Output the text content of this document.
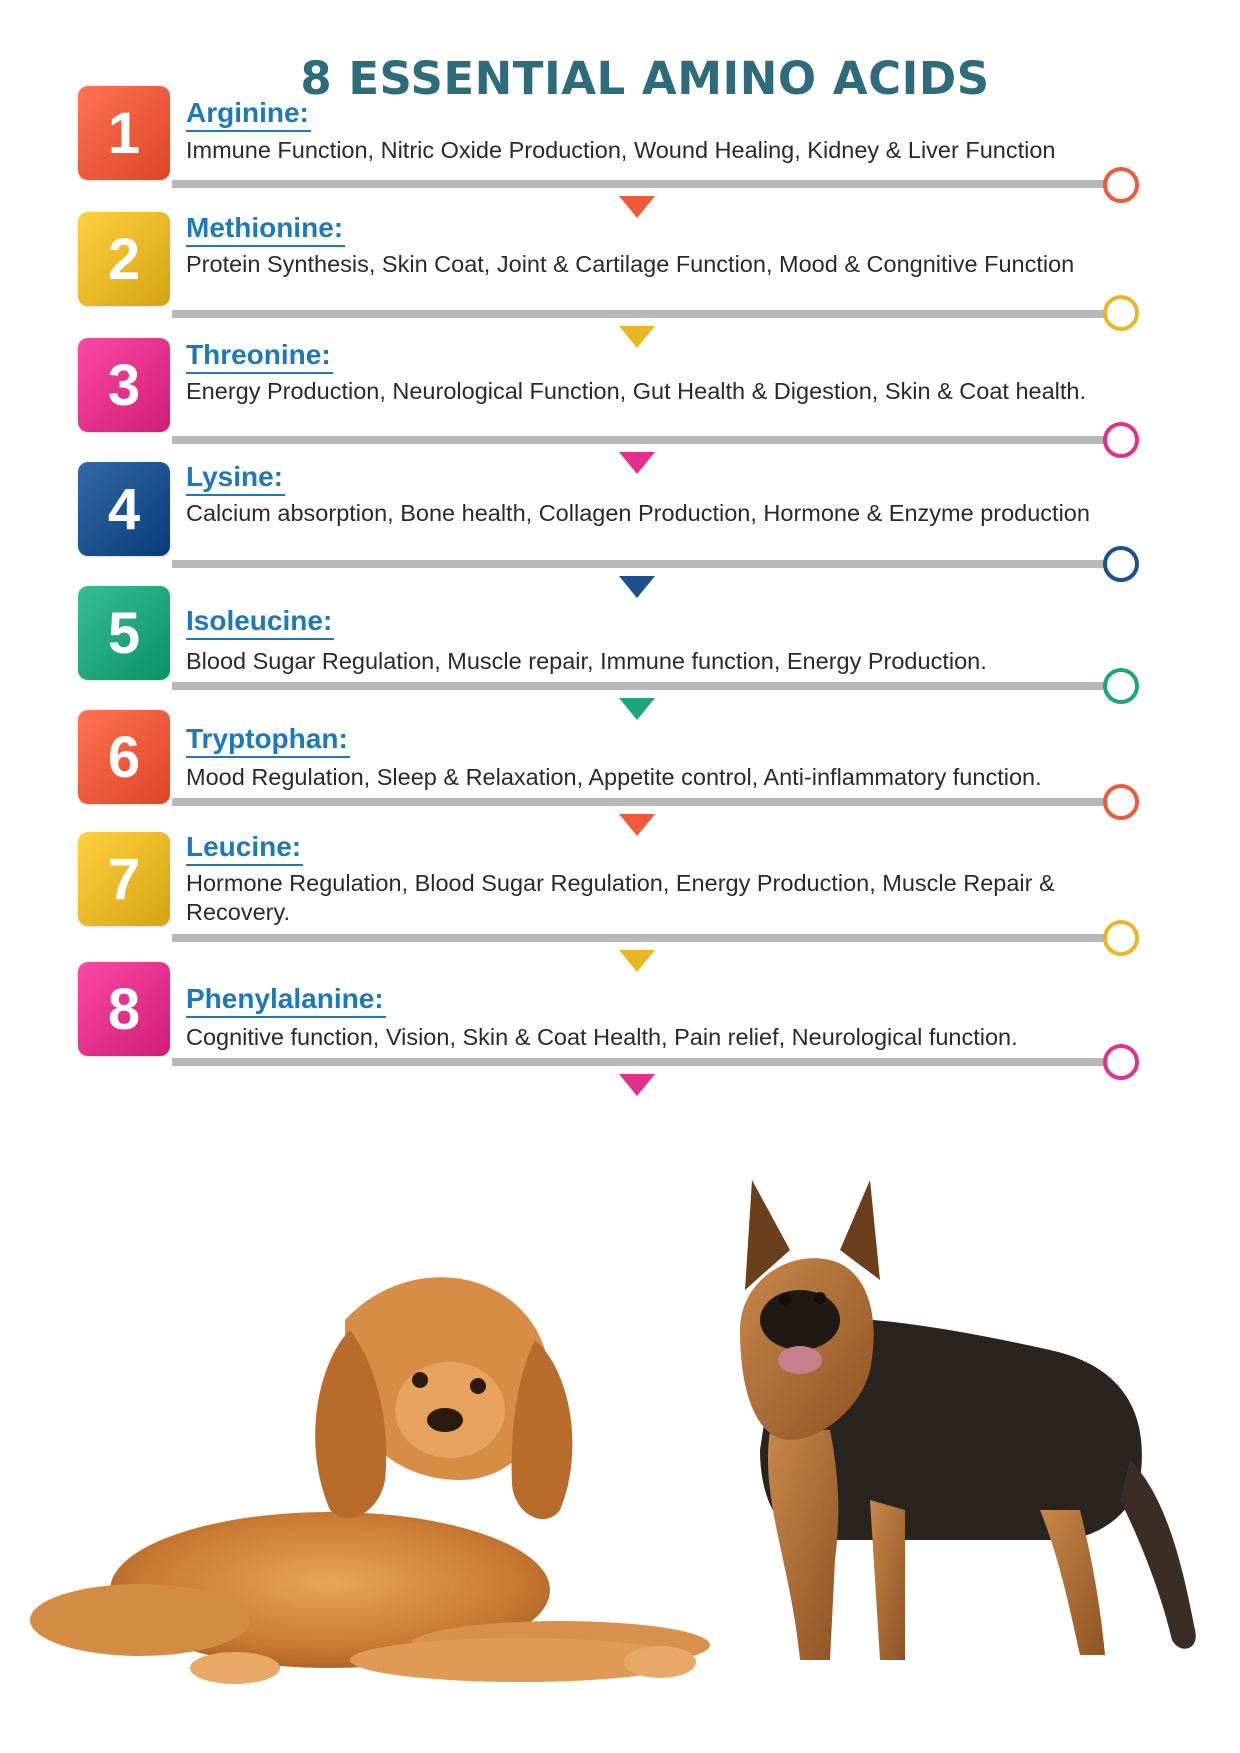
8 ESSENTIAL AMINO ACIDS
1	Arginine:
Immune Function, Nitric Oxide Production, Wound Healing, Kidney & Liver Function
2	Methionine:
Protein Synthesis, Skin Coat, Joint & Cartilage Function, Mood & Congnitive Function
3	Threonine:
Energy Production, Neurological Function, Gut Health & Digestion, Skin & Coat health.
4	Lysine:
Calcium absorption, Bone health, Collagen Production, Hormone & Enzyme production
5	Isoleucine:
Blood Sugar Regulation, Muscle repair, Immune function, Energy Production.
6	Tryptophan:
Mood Regulation, Sleep & Relaxation, Appetite control, Anti-inflammatory function.
7	Leucine:
Hormone Regulation, Blood Sugar Regulation, Energy Production, Muscle Repair & Recovery.
8	Phenylalanine:
Cognitive function, Vision, Skin & Coat Health, Pain relief, Neurological function.
